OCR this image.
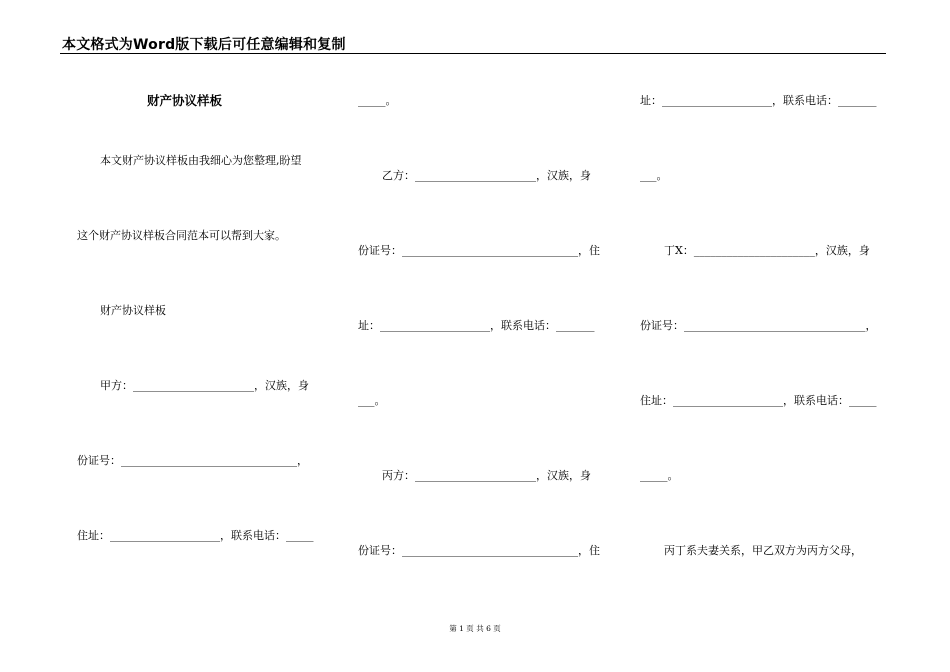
本文格式为Word版下载后可任意编辑和复制
财产协议样板
本文财产协议样板由我细心为您整理,盼望
这个财产协议样板合同范本可以帮到大家。
财产协议样板
甲方：______________________，汉族，身
份证号：________________________________，
住址：____________________，联系电话：_____
_____。
乙方：______________________，汉族，身
份证号：________________________________，住
址：____________________，联系电话：_______
___。
丙方：______________________，汉族，身
份证号：________________________________，住
址：____________________，联系电话：_______
___。
丁X：______________________，汉族，身
份证号：_________________________________，
住址：____________________，联系电话：_____
_____。
丙丁系夫妻关系，甲乙双方为丙方父母，
第 1 页 共 6 页
